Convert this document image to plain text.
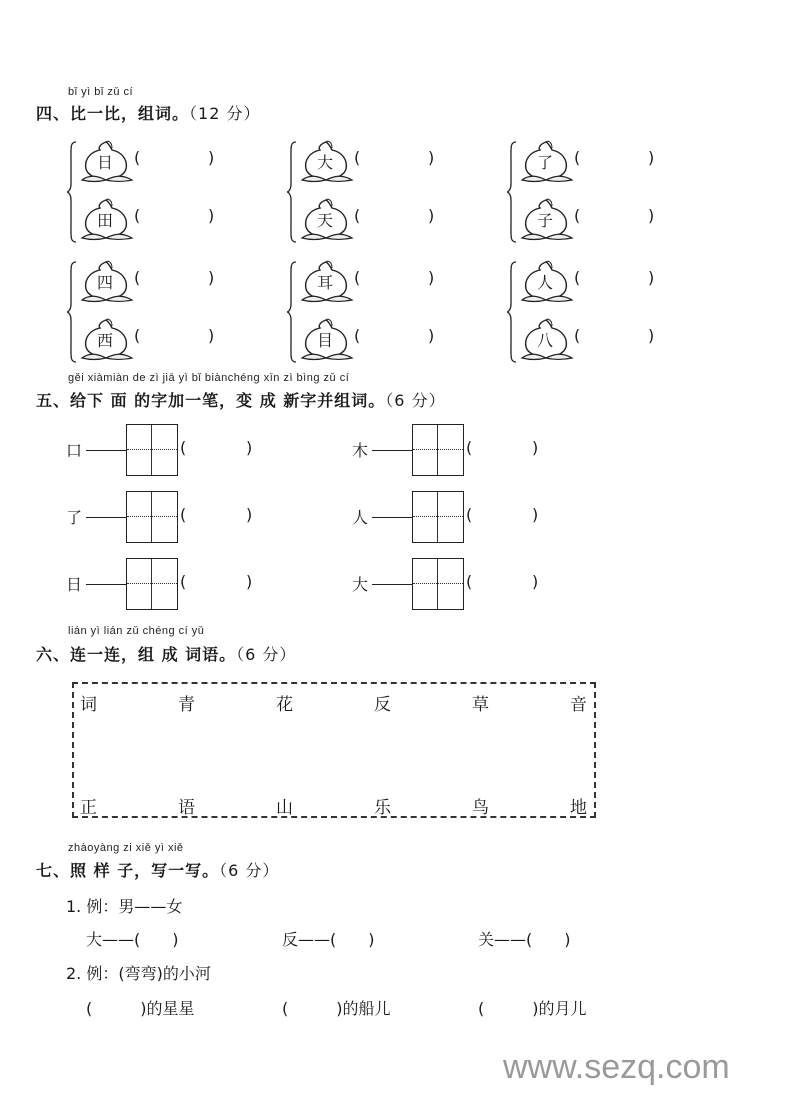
bǐ yì bǐ zǔ cí
四、比一比，组词。（12 分）
日	(	)
田	(	)
大	(	)
天	(	)
了	(	)
子	(	)
四	(	)
西	(	)
耳	(	)
目	(	)
人	(	)
八	(	)
gěi xiàmiàn de zì jiā yì bǐ biànchéng xīn zì bìng zǔ cí
五、给下 面 的字加一笔，变 成 新字并组词。（6 分）
口	(	)	木	(	)
了	(	)	人	(	)
日	(	)	大	(	)
lián yì lián zǔ chéng cí yǔ
六、连一连，组 成 词语。（6 分）
词	青	花	反	草	音
正	语	山	乐	鸟	地
zhàoyàng zi xiě yì xiě
七、照 样 子，写一写。（6 分）
1. 例：男——女
大——(　　)	反——(　　)	关——(　　)
2. 例：(弯弯)的小河
(　　　)的星星	(　　　)的船儿	(　　　)的月儿
www.sezq.com
